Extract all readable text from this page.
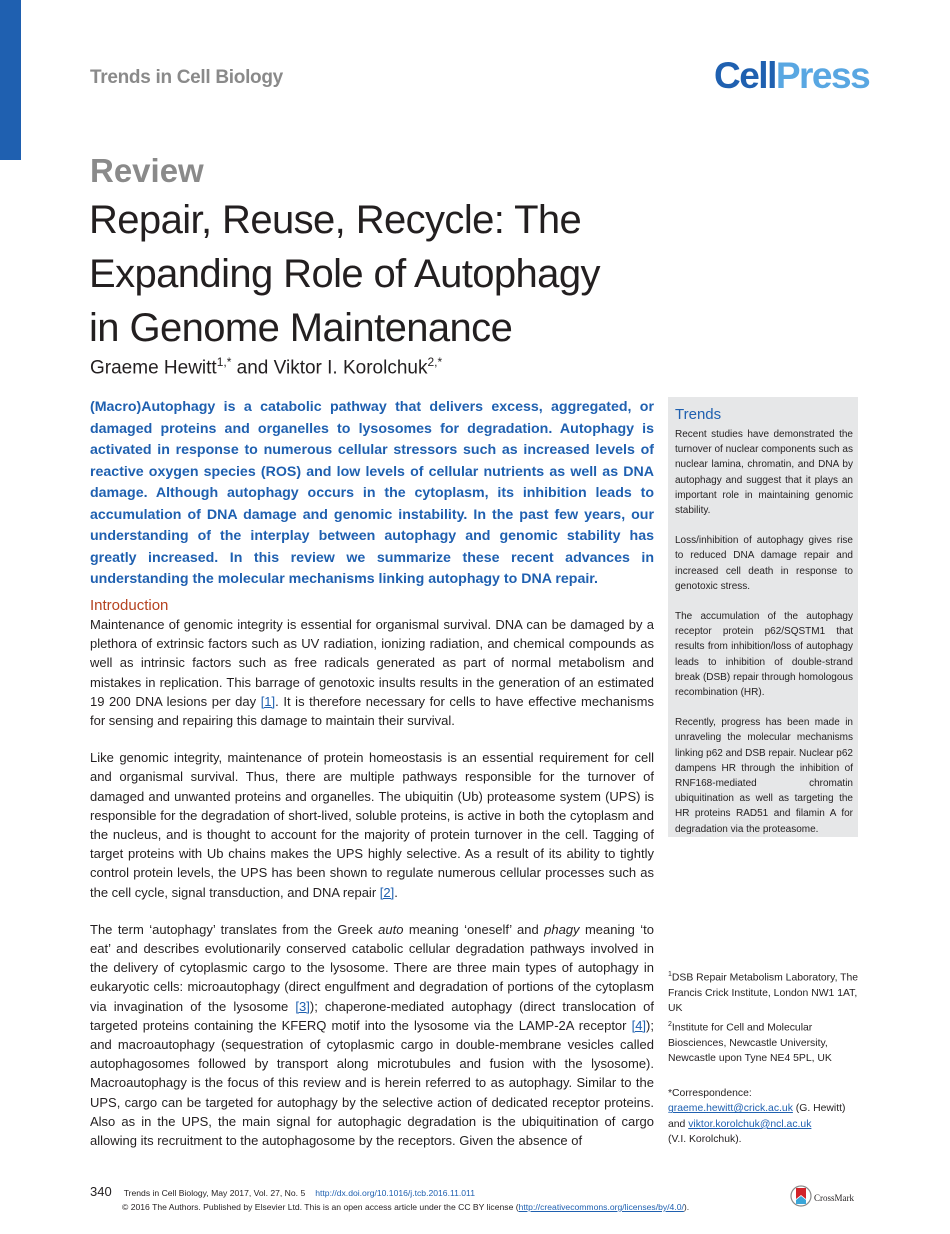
Trends in Cell Biology	CellPress
Review
Repair, Reuse, Recycle: The
Expanding Role of Autophagy
in Genome Maintenance
Graeme Hewitt$^{1,*}$ and Viktor I. Korolchuk$^{2,*}$
(Macro)Autophagy is a catabolic pathway that delivers excess, aggregated, or damaged proteins and organelles to lysosomes for degradation. Autophagy is activated in response to numerous cellular stressors such as increased levels of reactive oxygen species (ROS) and low levels of cellular nutrients as well as DNA damage. Although autophagy occurs in the cytoplasm, its inhibition leads to accumulation of DNA damage and genomic instability. In the past few years, our understanding of the interplay between autophagy and genomic stability has greatly increased. In this review we summarize these recent advances in understanding the molecular mechanisms linking autophagy to DNA repair.
Introduction

Maintenance of genomic integrity is essential for organismal survival. DNA can be damaged by a plethora of extrinsic factors such as UV radiation, ionizing radiation, and chemical compounds as well as intrinsic factors such as free radicals generated as part of normal metabolism and mistakes in replication. This barrage of genotoxic insults results in the generation of an estimated 19 200 DNA lesions per day [1]. It is therefore necessary for cells to have effective mechanisms for sensing and repairing this damage to maintain their survival.

Like genomic integrity, maintenance of protein homeostasis is an essential requirement for cell and organismal survival. Thus, there are multiple pathways responsible for the turnover of damaged and unwanted proteins and organelles. The ubiquitin (Ub) proteasome system (UPS) is responsible for the degradation of short-lived, soluble proteins, is active in both the cytoplasm and the nucleus, and is thought to account for the majority of protein turnover in the cell. Tagging of target proteins with Ub chains makes the UPS highly selective. As a result of its ability to tightly control protein levels, the UPS has been shown to regulate numerous cellular processes such as the cell cycle, signal transduction, and DNA repair [2].

The term ‘autophagy’ translates from the Greek auto meaning ‘oneself’ and phagy meaning ‘to eat’ and describes evolutionarily conserved catabolic cellular degradation pathways involved in the delivery of cytoplasmic cargo to the lysosome. There are three main types of autophagy in eukaryotic cells: microautophagy (direct engulfment and degradation of portions of the cytoplasm via invagination of the lysosome [3]); chaperone-mediated autophagy (direct translocation of targeted proteins containing the KFERQ motif into the lysosome via the LAMP-2A receptor [4]); and macroautophagy (sequestration of cytoplasmic cargo in double-membrane vesicles called autophagosomes followed by transport along microtubules and fusion with the lysosome). Macroautophagy is the focus of this review and is herein referred to as autophagy. Similar to the UPS, cargo can be targeted for autophagy by the selective action of dedicated receptor proteins. Also as in the UPS, the main signal for autophagic degradation is the ubiquitination of cargo allowing its recruitment to the autophagosome by the receptors. Given the absence of

Trends

Recent studies have demonstrated the turnover of nuclear components such as nuclear lamina, chromatin, and DNA by autophagy and suggest that it plays an important role in maintaining genomic stability.

Loss/inhibition of autophagy gives rise to reduced DNA damage repair and increased cell death in response to genotoxic stress.

The accumulation of the autophagy receptor protein p62/SQSTM1 that results from inhibition/loss of autophagy leads to inhibition of double-strand break (DSB) repair through homologous recombination (HR).

Recently, progress has been made in unraveling the molecular mechanisms linking p62 and DSB repair. Nuclear p62 dampens HR through the inhibition of RNF168-mediated chromatin ubiquitination as well as targeting the HR proteins RAD51 and filamin A for degradation via the proteasome.

$^1$DSB Repair Metabolism Laboratory, The Francis Crick Institute, London NW1 1AT, UK
$^2$Institute for Cell and Molecular Biosciences, Newcastle University, Newcastle upon Tyne NE4 5PL, UK
*Correspondence:
graeme.hewitt@crick.ac.uk (G. Hewitt)
and viktor.korolchuk@ncl.ac.uk
(V.I. Korolchuk).
340 Trends in Cell Biology, May 2017, Vol. 27, No. 5 http://dx.doi.org/10.1016/j.tcb.2016.11.011
© 2016 The Authors. Published by Elsevier Ltd. This is an open access article under the CC BY license (http://creativecommons.org/licenses/by/4.0/).
CrossMark
